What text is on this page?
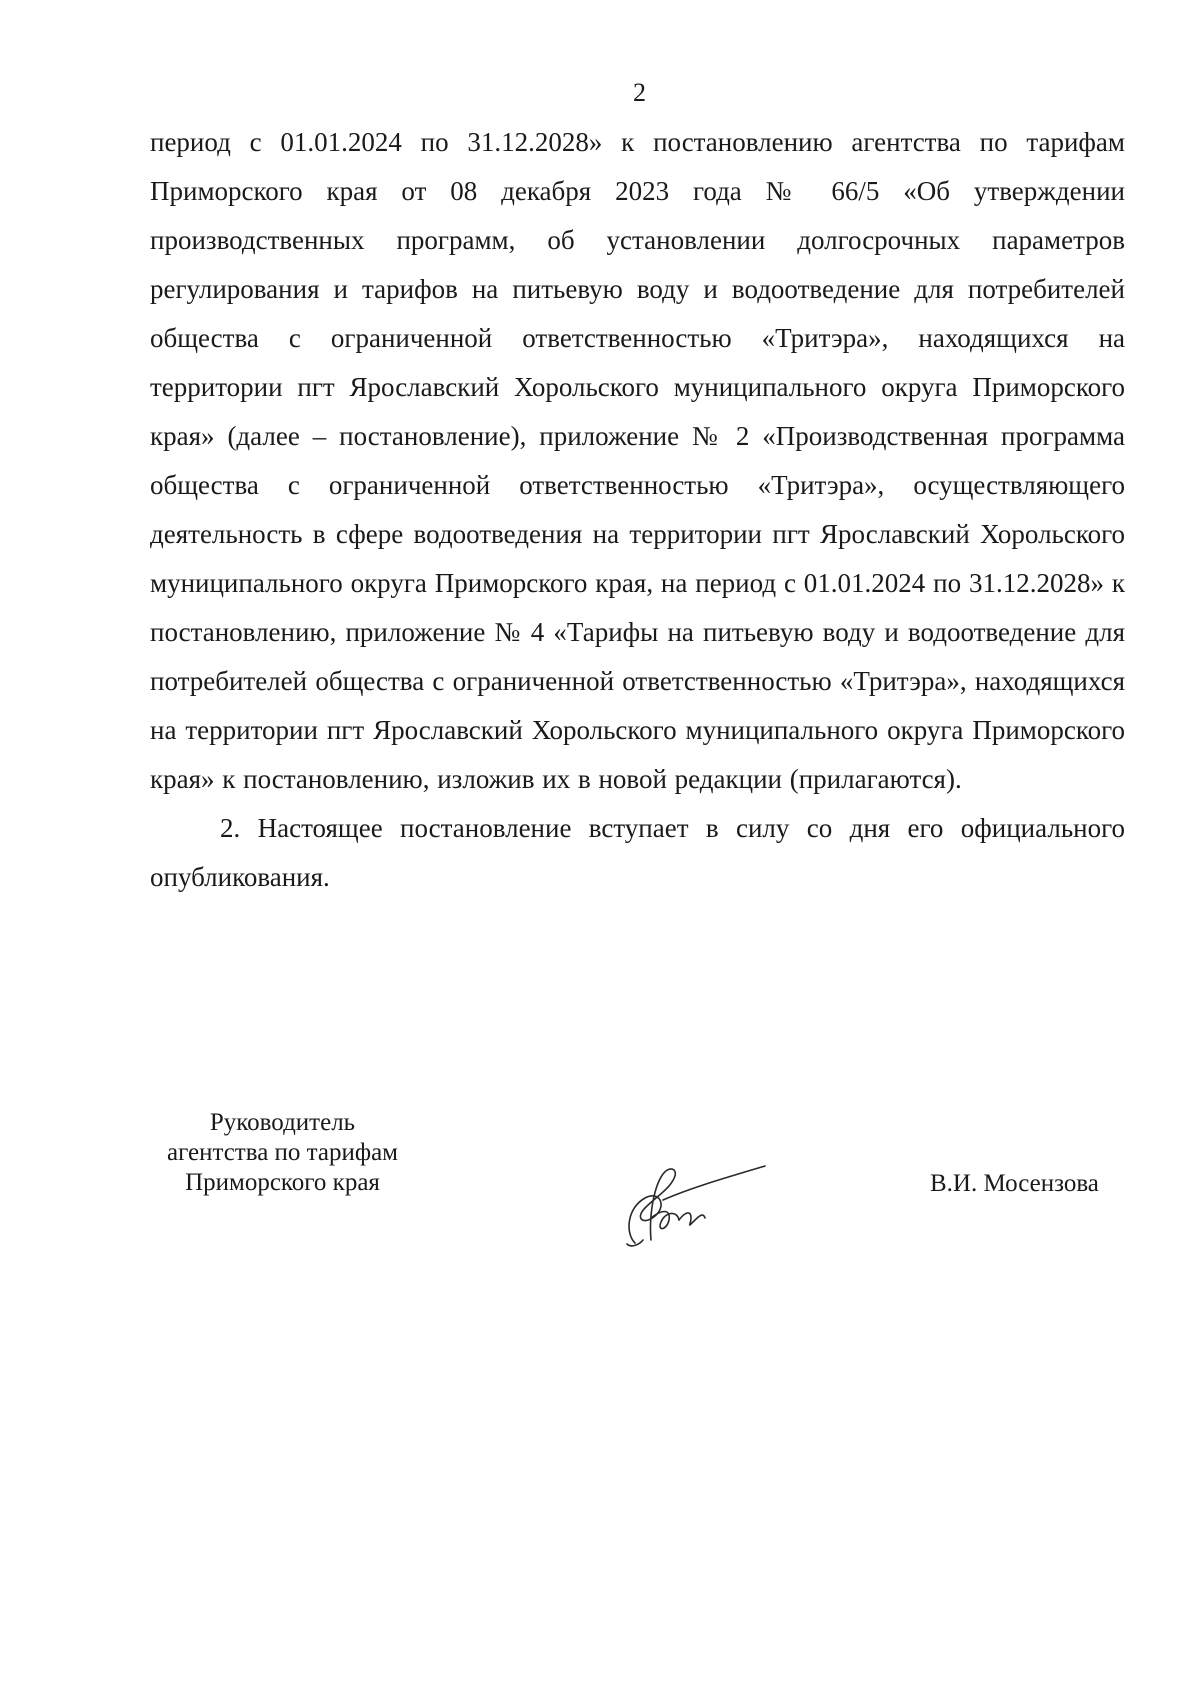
2

период с 01.01.2024 по 31.12.2028» к постановлению агентства по тарифам Приморского края от 08 декабря 2023 года № 66/5 «Об утверждении производственных программ, об установлении долгосрочных параметров регулирования и тарифов на питьевую воду и водоотведение для потребителей общества с ограниченной ответственностью «Тритэра», находящихся на территории пгт Ярославский Хорольского муниципального округа Приморского края» (далее – постановление), приложение № 2 «Производственная программа общества с ограниченной ответственностью «Тритэра», осуществляющего деятельность в сфере водоотведения на территории пгт Ярославский Хорольского муниципального округа Приморского края, на период с 01.01.2024 по 31.12.2028» к постановлению, приложение № 4 «Тарифы на питьевую воду и водоотведение для потребителей общества с ограниченной ответственностью «Тритэра», находящихся на территории пгт Ярославский Хорольского муниципального округа Приморского края» к постановлению, изложив их в новой редакции (прилагаются).

2. Настоящее постановление вступает в силу со дня его официального опубликования.

Руководитель
агентства по тарифам
Приморского края	В.И. Мосензова
